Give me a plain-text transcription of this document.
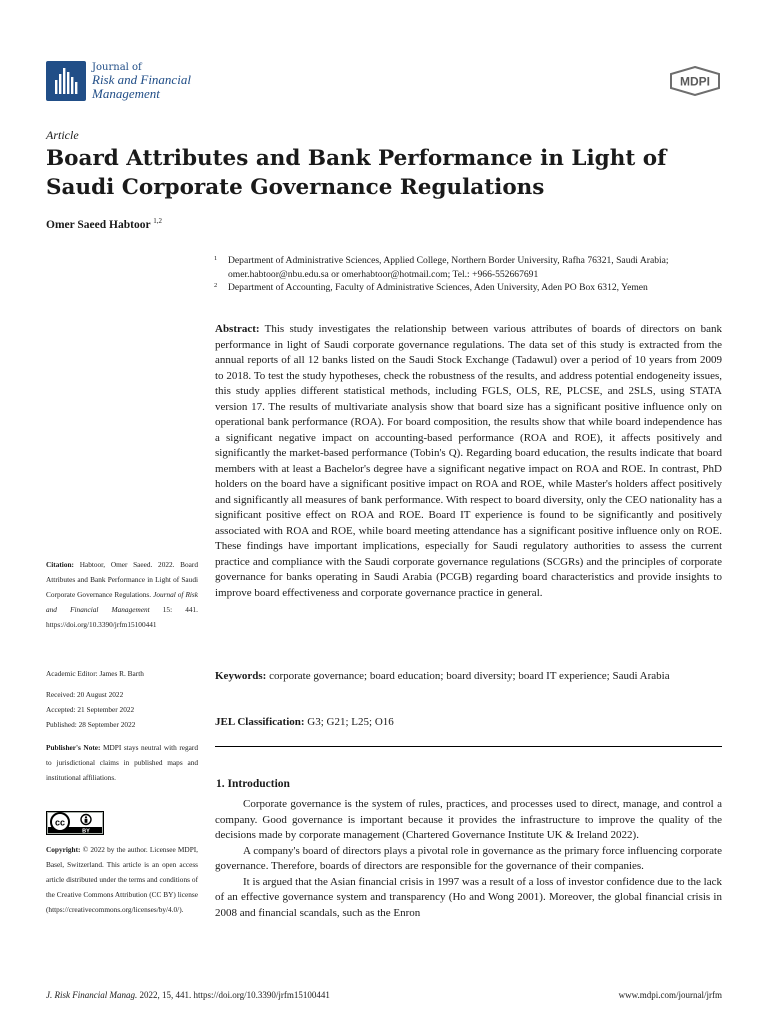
Journal of
Risk and Financial
Management
MDPI
Article
Board Attributes and Bank Performance in Light of Saudi Corporate Governance Regulations
Omer Saeed Habtoor $^{1,2}$
1	Department of Administrative Sciences, Applied College, Northern Border University, Rafha 76321, Saudi Arabia; omer.habtoor@nbu.edu.sa or omerhabtoor@hotmail.com; Tel.: +966-552667691
2	Department of Accounting, Faculty of Administrative Sciences, Aden University, Aden PO Box 6312, Yemen
Abstract: This study investigates the relationship between various attributes of boards of directors on bank performance in light of Saudi corporate governance regulations. The data set of this study is extracted from the annual reports of all 12 banks listed on the Saudi Stock Exchange (Tadawul) over a period of 10 years from 2009 to 2018. To test the study hypotheses, check the robustness of the results, and address potential endogeneity issues, this study applies different statistical methods, including FGLS, OLS, RE, PLCSE, and 2SLS, using STATA version 17. The results of multivariate analysis show that board size has a significant positive influence only on operational bank performance (ROA). For board composition, the results show that while board independence has a significant negative impact on accounting-based performance (ROA and ROE), it affects positively and significantly the market-based performance (Tobin's Q). Regarding board education, the results indicate that board members with at least a Bachelor's degree have a significant negative impact on ROA and ROE. In contrast, PhD holders on the board have a significant positive impact on ROA and ROE, while Master's holders affect positively and significantly all measures of bank performance. With respect to board diversity, only the CEO nationality has a significant positive effect on ROA and ROE. Board IT experience is found to be significantly and positively associated with ROA and ROE, while board meeting attendance has a significant positive influence only on ROE. These findings have important implications, especially for Saudi regulatory authorities to assess the current practice and compliance with the Saudi corporate governance regulations (SCGRs) and the principles of corporate governance for banks operating in Saudi Arabia (PCGB) regarding board characteristics and provide insights to improve board effectiveness and corporate governance practice in general.
Keywords: corporate governance; board education; board diversity; board IT experience; Saudi Arabia
JEL Classification: G3; G21; L25; O16
1. Introduction

Corporate governance is the system of rules, practices, and processes used to direct, manage, and control a company. Good governance is important because it provides the infrastructure to improve the quality of the decisions made by corporate management (Chartered Governance Institute UK & Ireland 2022).

A company's board of directors plays a pivotal role in governance as the primary force influencing corporate governance. Therefore, boards of directors are responsible for the governance of their companies.

It is argued that the Asian financial crisis in 1997 was a result of a loss of investor confidence due to the lack of an effective governance system and transparency (Ho and Wong 2001). Moreover, the global financial crisis in 2008 and financial scandals, such as the Enron

Citation: Habtoor, Omer Saeed. 2022. Board Attributes and Bank Performance in Light of Saudi Corporate Governance Regulations. Journal of Risk and Financial Management 15: 441. https://doi.org/10.3390/jrfm15100441
Academic Editor: James R. Barth
Received: 20 August 2022
Accepted: 21 September 2022
Published: 28 September 2022
Publisher's Note: MDPI stays neutral with regard to jurisdictional claims in published maps and institutional affiliations.
cc
BY
Copyright: © 2022 by the author. Licensee MDPI, Basel, Switzerland. This article is an open access article distributed under the terms and conditions of the Creative Commons Attribution (CC BY) license (https://creativecommons.org/licenses/by/4.0/).
J. Risk Financial Manag. 2022, 15, 441. https://doi.org/10.3390/jrfm15100441	www.mdpi.com/journal/jrfm
